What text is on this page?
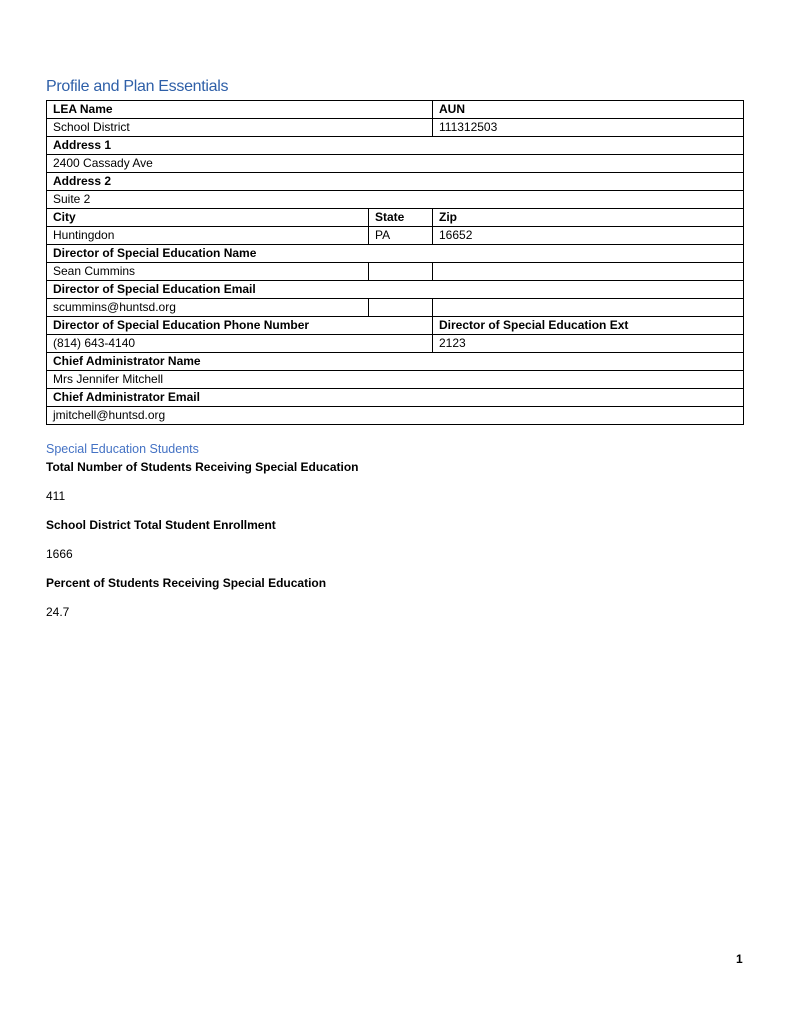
Profile and Plan Essentials

LEA Name		AUN
School District		111312503
Address 1		
2400 Cassady Ave		
Address 2		
Suite 2		
City	State	Zip
Huntingdon	PA	16652
Director of Special Education Name		
Sean Cummins		
Director of Special Education Email		
scummins@huntsd.org		
Director of Special Education Phone Number		Director of Special Education Ext
(814) 643-4140		2123
Chief Administrator Name		
Mrs Jennifer Mitchell		
Chief Administrator Email		
jmitchell@huntsd.org		
Special Education Students
Total Number of Students Receiving Special Education
411
School District Total Student Enrollment
1666
Percent of Students Receiving Special Education
24.7
1
